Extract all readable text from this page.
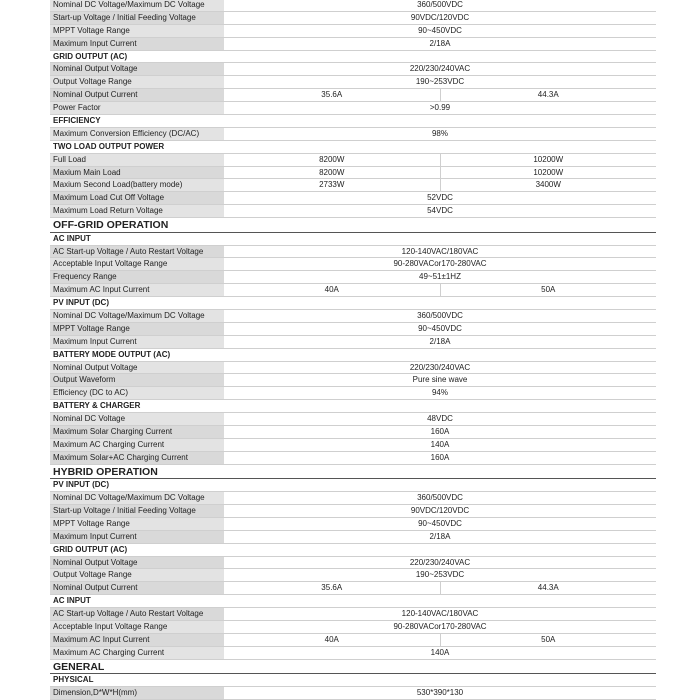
Nominal DC Voltage/Maximum DC Voltage	360/500VDC
Start-up Voltage / Initial Feeding Voltage	90VDC/120VDC
MPPT Voltage Range	90~450VDC
Maximum Input Current	2/18A
GRID OUTPUT (AC)
Nominal Output Voltage	220/230/240VAC
Output Voltage Range	190~253VDC
Nominal Output Current	35.6A	44.3A
Power Factor	>0.99
EFFICIENCY
Maximum Conversion Efficiency (DC/AC)	98%
TWO LOAD OUTPUT POWER
Full Load	8200W	10200W
Maxium Main Load	8200W	10200W
Maxium Second Load(battery mode)	2733W	3400W
Maximum Load Cut Off Voltage	52VDC
Maximum Load Return Voltage	54VDC
OFF-GRID OPERATION
AC INPUT
AC Start-up Voltage / Auto Restart Voltage	120-140VAC/180VAC
Acceptable Input Voltage Range	90-280VACor170-280VAC
Frequency Range	49~51±1HZ
Maximum AC Input Current	40A	50A
PV INPUT (DC)
Nominal DC Voltage/Maximum DC Voltage	360/500VDC
MPPT Voltage Range	90~450VDC
Maximum Input Current	2/18A
BATTERY MODE OUTPUT (AC)
Nominal Output Voltage	220/230/240VAC
Output Waveform	Pure sine wave
Efficiency (DC to AC)	94%
BATTERY & CHARGER
Nominal DC Voltage	48VDC
Maximum Solar Charging Current	160A
Maximum AC Charging Current	140A
Maximum Solar+AC Charging Current	160A
HYBRID OPERATION
PV INPUT (DC)
Nominal DC Voltage/Maximum DC Voltage	360/500VDC
Start-up Voltage / Initial Feeding Voltage	90VDC/120VDC
MPPT Voltage Range	90~450VDC
Maximum Input Current	2/18A
GRID OUTPUT (AC)
Nominal Output Voltage	220/230/240VAC
Output Voltage Range	190~253VDC
Nominal Output Current	35.6A	44.3A
AC INPUT
AC Start-up Voltage / Auto Restart Voltage	120-140VAC/180VAC
Acceptable Input Voltage Range	90-280VACor170-280VAC
Maximum AC Input Current	40A	50A
Maximum AC Charging Current	140A
GENERAL
PHYSICAL
Dimension,D*W*H(mm)	530*390*130
